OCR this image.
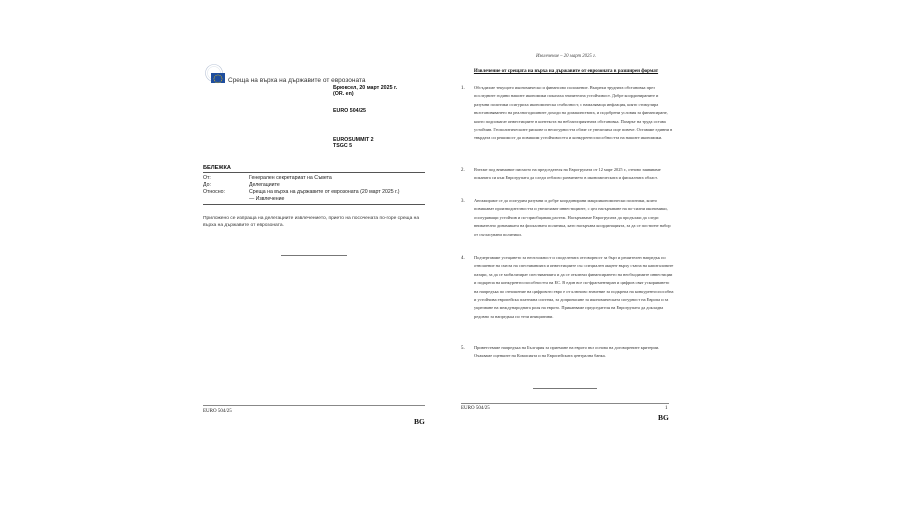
Среща на върха на държавите от еврозоната
Брюксел, 20 март 2025 г.
(OR. en)
EURO 504/25
EUROSUMMIT 2
TSGC 5
БЕЛЕЖКА
От:	Генерален секретариат на Съвета
До:	Делегациите
Относно:	Среща на върха на държавите от еврозоната (20 март 2025 г.)
— Извлечение
Приложено се изпраща на делегациите извлечението, прието на посочената по-горе среща на върха на държавите от еврозоната.
EURO 504/25
BG
Извлечение – 20 март 2025 г.
Извлечение от срещата на върха на държавите от еврозоната в разширен формат
1. Обсъдихме текущото икономическо и финансово положение. Въпреки трудната обстановка през последните години нашите икономики показаха значителна устойчивост. Добре координираните и разумни политики осигуриха икономическа стабилност, с намаляваща инфлация, която стимулира възстановяването на реалногодишните доходи на домакинствата, и подобрени условия за финансиране, които подпомагат инвестициите в контекста на неблагоприятната обстановка. Пазарът на труда остава устойчив. Геополитическите рискове и несигурността обаче се увеличиха още повече. Оставаме единни в твърдата си решимост да повишим устойчивостта и конкурентоспособността на нашите икономики.
2. Взехме под внимание писмото на председателя на Еврогрупата от 12 март 2025 г., отново заявяваме поканата си към Еврогрупата да следи отблизо развитието в икономическата и фискалната област.
3. Ангажираме се да осигурим разумни и добре координирани макроикономически политики, които повишават производителността и увеличават инвестициите, с цел насърчаване на по-силни икономики, осигуряващи устойчив и по-приобщаващ растеж. Насърчаваме Еврогрупата да продължи да следи внимателно динамиката на фискалната политика, като насърчава координацията, за да се постигне набор от съгласувани политики.
4. Подчертаваме усещането за неотложност и споделената отговорност за бърз и решителен напредък по отношение на съюза на спестяванията и инвестициите със специален акцент върху съюза на капиталовите пазари, за да се мобилизират спестяванията и да се отключи финансирането на необходимите инвестиции и подкрепа на конкурентоспособността на ЕС. В един все по-фрагментиран и цифров свят ускоряването на напредъка по отношение на цифровото евро е от ключово значение за подкрепа на конкурентоспособна и устойчива европейска платежна система, за допринасяне за икономическата сигурност на Европа и за укрепване на международната роля на еврото. Приканваме председателя на Еврогрупата да докладва редовно за напредъка по тези инициативи.
5. Приветстваме напредъка на България за приемане на еврото въз основа на договорените критерии. Очакваме оценките на Комисията и на Европейската централна банка.
EURO 504/25	1
BG
